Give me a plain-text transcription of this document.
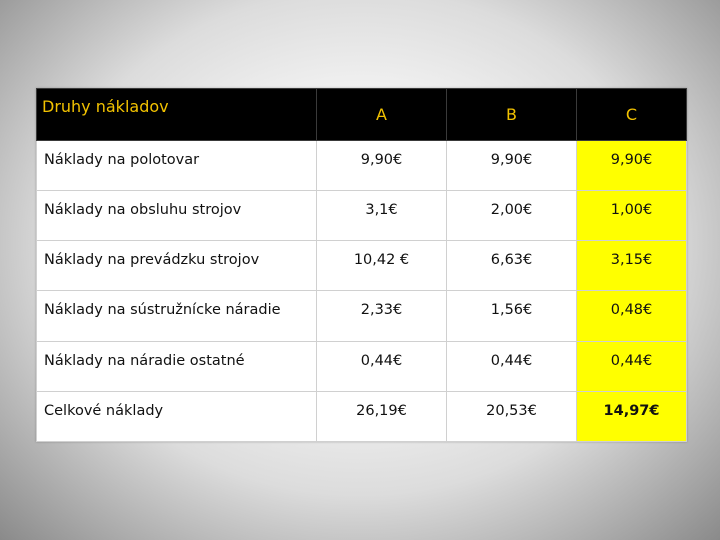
Druhy nákladov	A	B	C
Náklady na polotovar	9,90€	9,90€	9,90€
Náklady na obsluhu strojov	3,1€	2,00€	1,00€
Náklady na prevádzku strojov	10,42 €	6,63€	3,15€
Náklady na sústružnícke náradie	2,33€	1,56€	0,48€
Náklady na náradie ostatné	0,44€	0,44€	0,44€
Celkové náklady	26,19€	20,53€	14,97€
